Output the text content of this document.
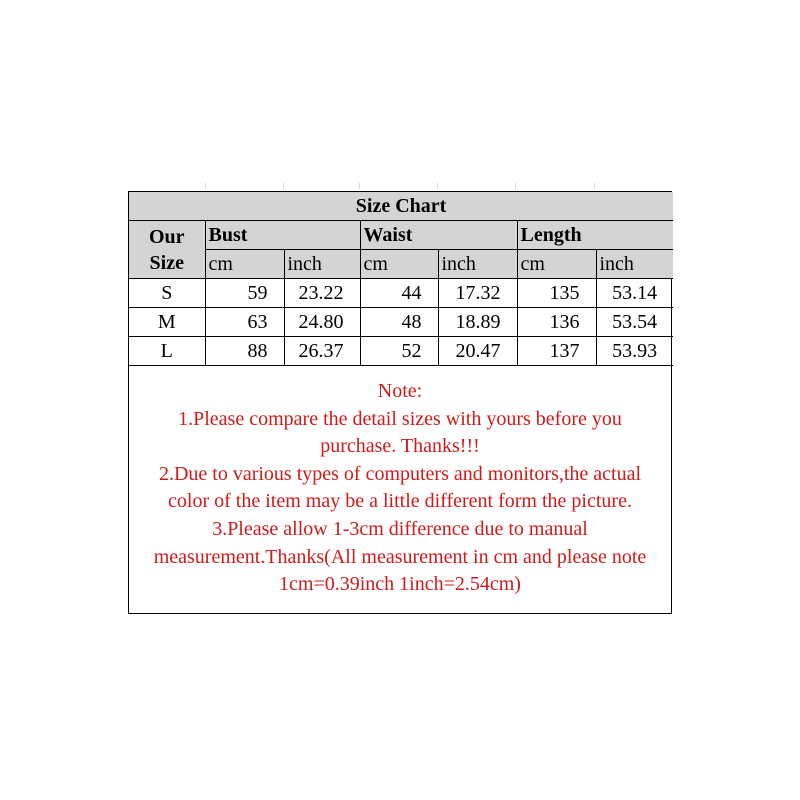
Size Chart						

Our
Size	Bust		Waist		Length	
	cm	inch	cm	inch	cm	inch
S	59	23.22	44	17.32	135	53.14
M	63	24.80	48	18.89	136	53.54
L	88	26.37	52	20.47	137	53.93
Note:
1.Please compare the detail sizes with yours before you
purchase. Thanks!!!
2.Due to various types of computers and monitors,the actual
color of the item may be a little different form the picture.
3.Please allow 1-3cm difference due to manual
measurement.Thanks(All measurement in cm and please note
1cm=0.39inch 1inch=2.54cm)
